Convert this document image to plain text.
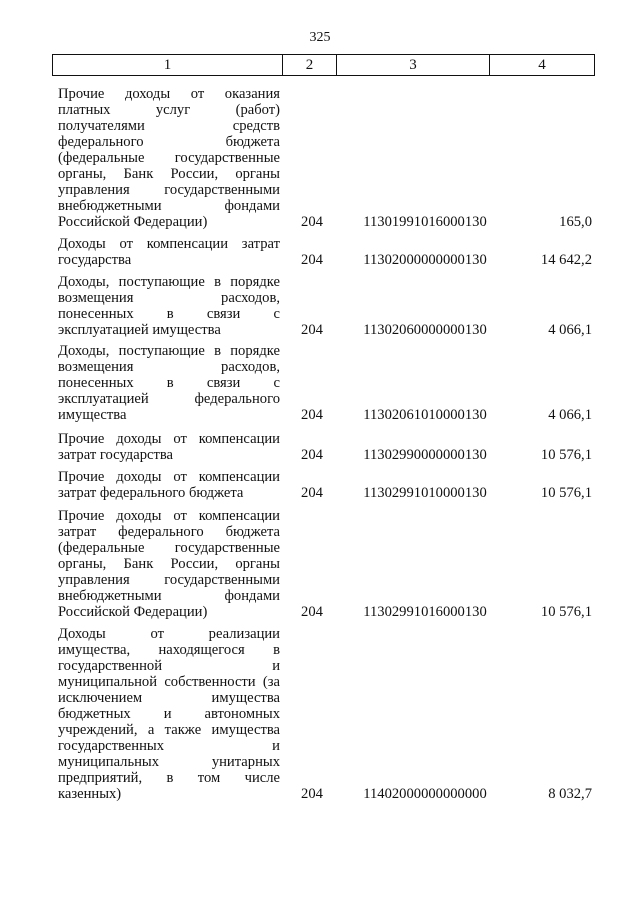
325
1	2	3	4
Прочие доходы от оказания
платных услуг (работ)
получателями средств
федерального бюджета
(федеральные государственные
органы, Банк России, органы
управления государственными
внебюджетными фондами
Российской Федерации)	204	11301991016000130	165,0
Доходы от компенсации затрат
государства	204	11302000000000130	14 642,2
Доходы, поступающие в порядке
возмещения расходов,
понесенных в связи с
эксплуатацией имущества	204	11302060000000130	4 066,1
Доходы, поступающие в порядке
возмещения расходов,
понесенных в связи с
эксплуатацией федерального
имущества	204	11302061010000130	4 066,1
Прочие доходы от компенсации
затрат государства	204	11302990000000130	10 576,1
Прочие доходы от компенсации
затрат федерального бюджета	204	11302991010000130	10 576,1
Прочие доходы от компенсации
затрат федерального бюджета
(федеральные государственные
органы, Банк России, органы
управления государственными
внебюджетными фондами
Российской Федерации)	204	11302991016000130	10 576,1
Доходы от реализации
имущества, находящегося в
государственной и
муниципальной собственности (за
исключением имущества
бюджетных и автономных
учреждений, а также имущества
государственных и
муниципальных унитарных
предприятий, в том числе
казенных)	204	11402000000000000	8 032,7
